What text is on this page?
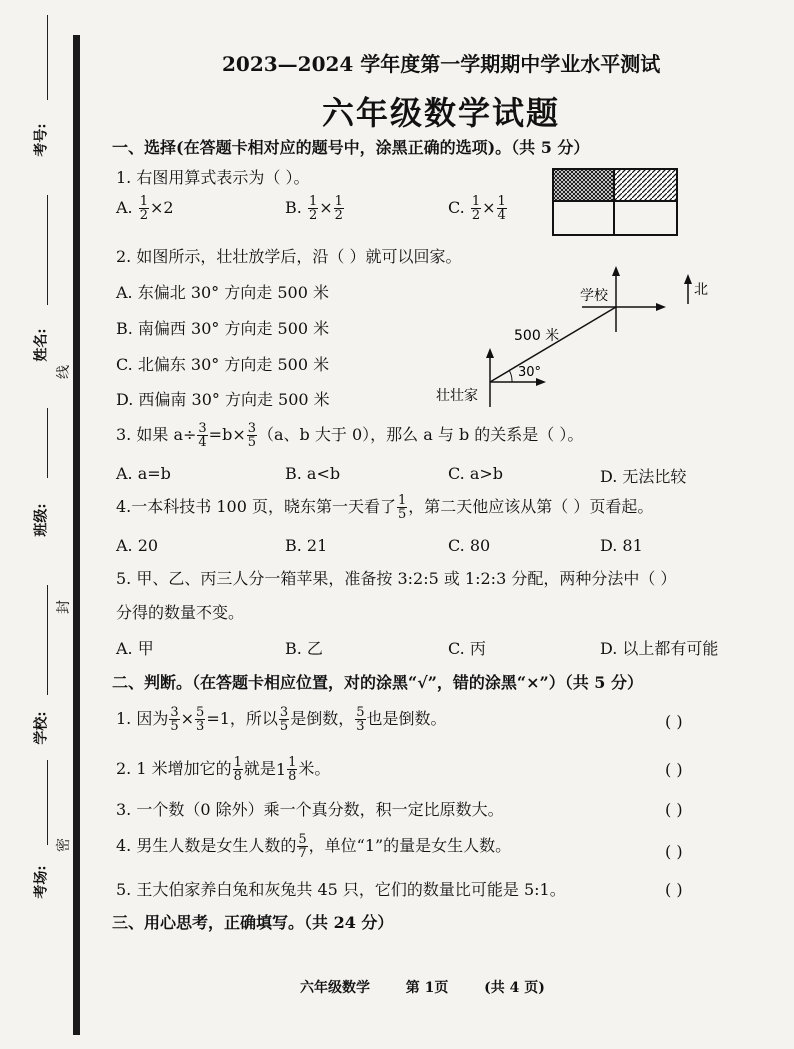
考号:
姓名:
线
班级:
封
学校:
密
考场:
2023—2024 学年度第一学期期中学业水平测试
六年级数学试题
一、选择(在答题卡相对应的题号中，涂黑正确的选项)。（共 5 分）
1. 右图用算式表示为（ ）。
A. $\frac{1}{2} \times 2$	B. $\frac{1}{2} \times \frac{1}{2}$	C. $\frac{1}{2} \times \frac{1}{4}$
2. 如图所示，壮壮放学后，沿（ ）就可以回家。
A. 东偏北 30° 方向走 500 米
B. 南偏西 30° 方向走 500 米
C. 北偏东 30° 方向走 500 米
D. 西偏南 30° 方向走 500 米
学校
壮壮家
北
500 米
30°
3. 如果 $a\div \frac{3}{4} =b\times \frac{3}{5} (a$、b 大于 0），那么 a 与 b 的关系是（ ）。
A. a=b	B. a<b	C. a>b	D. 无法比较
4.一本科技书 100 页，晓东第一天看了 $\frac{1}{5}$ ，第二天他应该从第（ ）页看起。
A. 20	B. 21	C. 80	D. 81
5. 甲、乙、丙三人分一箱苹果，准备按 3:2:5 或 1:2:3 分配，两种分法中（ ）
分得的数量不变。
A. 甲	B. 乙	C. 丙	D. 以上都有可能
二、判断。（在答题卡相应位置，对的涂黑“√”，错的涂黑“×”）（共 5 分）
1. 因为 $\frac{3}{5} \times \frac{5}{3} =1$，所以 $\frac{3}{5}$ 是倒数， $\frac{5}{3}$ 也是倒数。	( )
2. 1 米增加它的 $\frac{1}{8}$ 就是 $1 \frac{1}{8}$ 米。	( )
3. 一个数（0 除外）乘一个真分数，积一定比原数大。	( )
4. 男生人数是女生人数的 $\frac{5}{7}$ ，单位“1”的量是女生人数。	( )
5. 王大伯家养白兔和灰兔共 45 只，它们的数量比可能是 5:1。	( )
三、用心思考，正确填写。（共 24 分）
六年级数学	第 1页	(共 4 页)
